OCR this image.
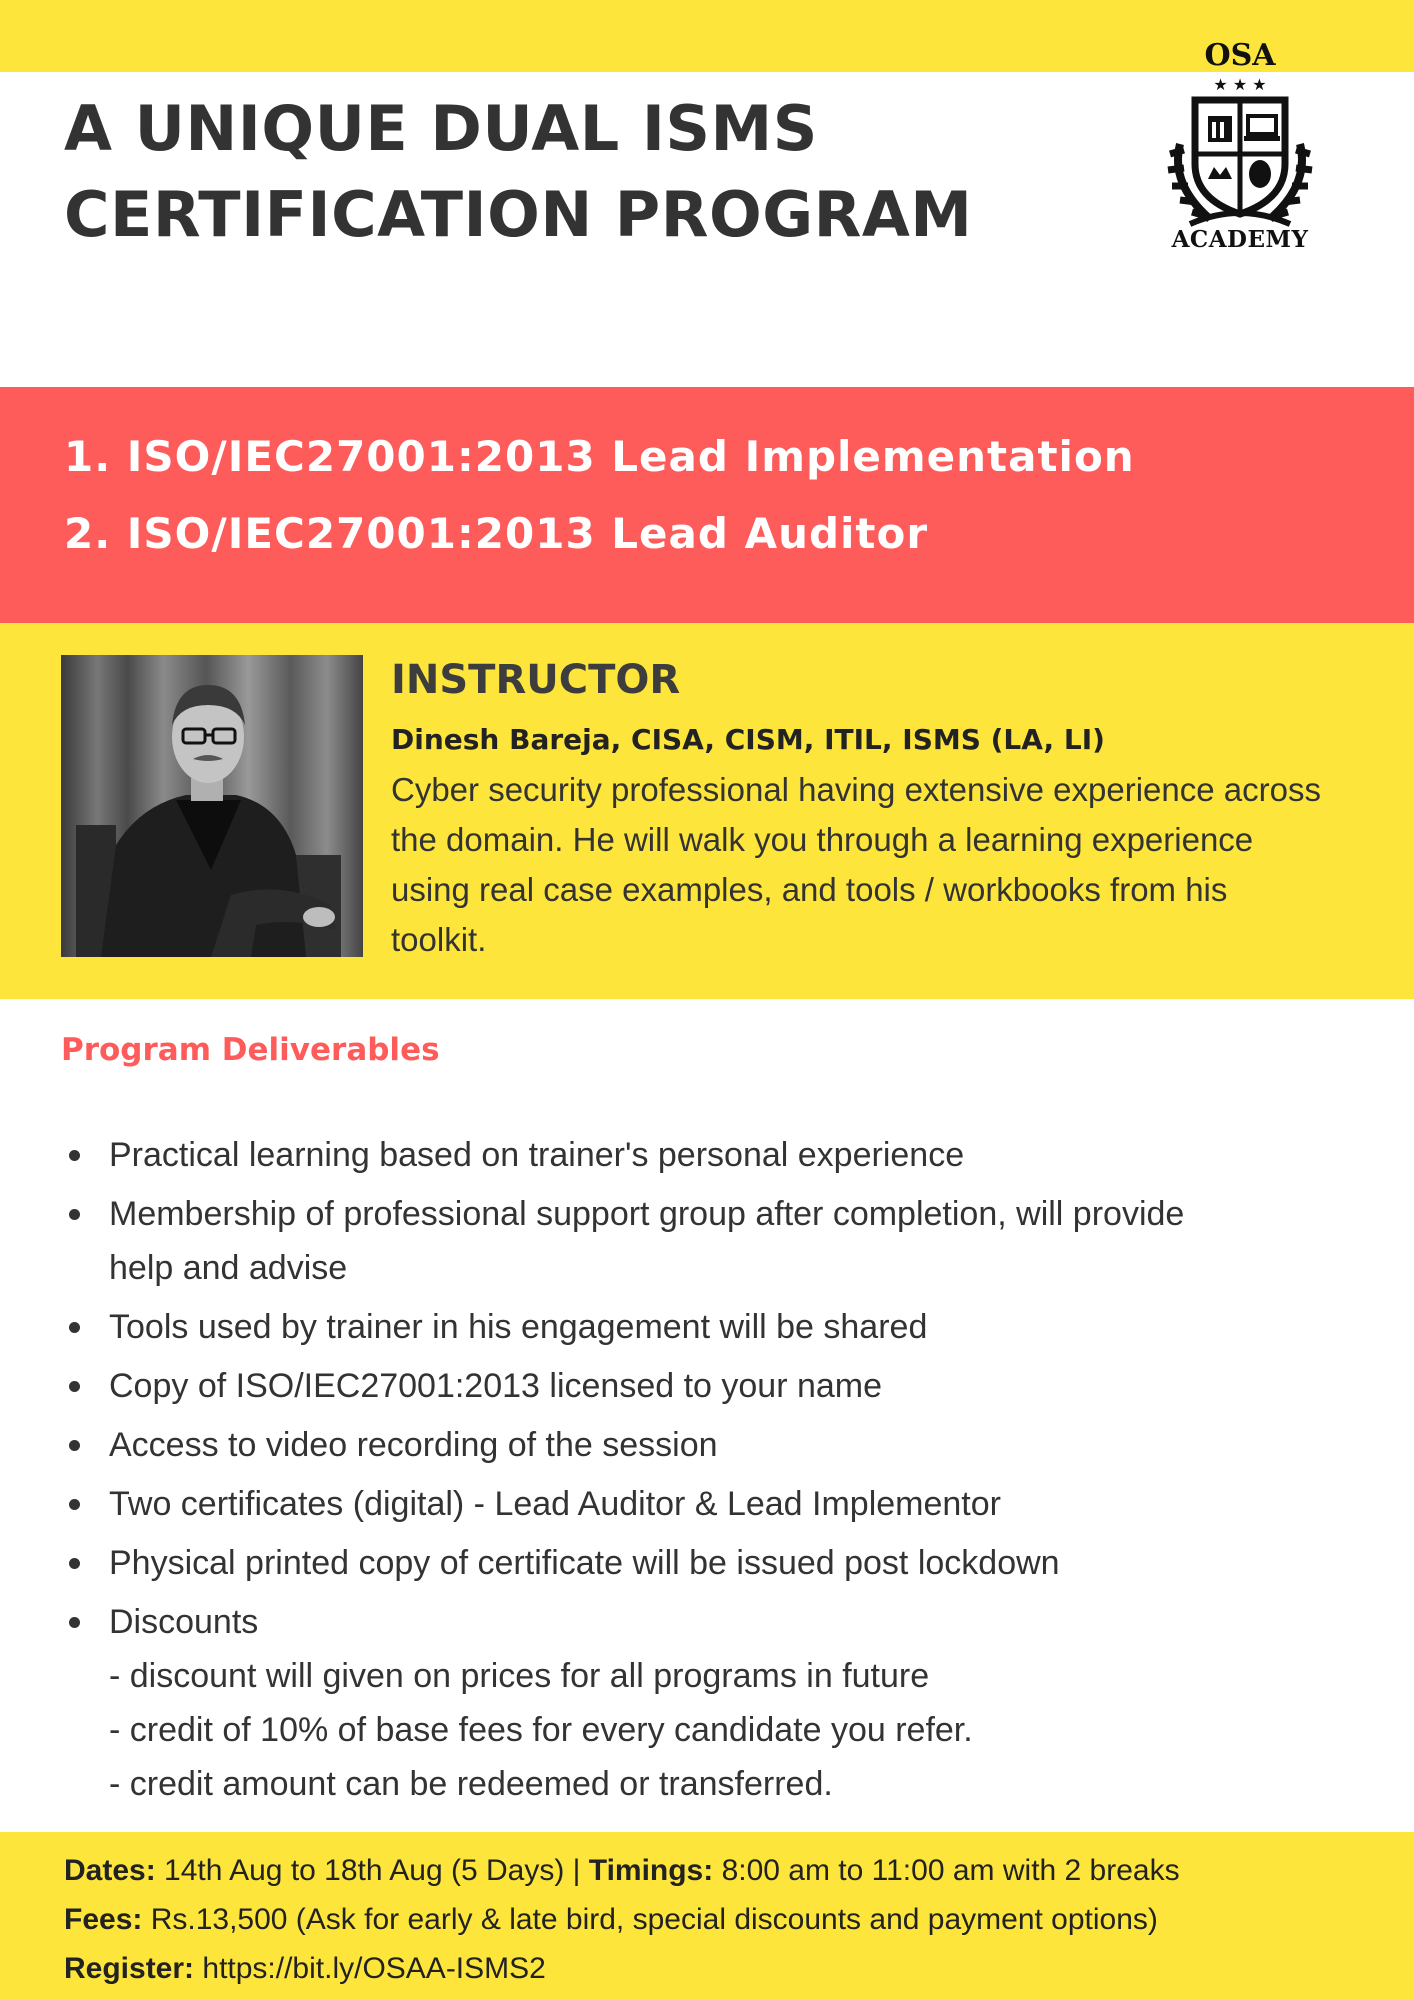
A UNIQUE DUAL ISMS
CERTIFICATION PROGRAM
OSA
★ ★ ★
ACADEMY
1. ISO/IEC27001:2013 Lead Implementation
2. ISO/IEC27001:2013 Lead Auditor
INSTRUCTOR
Dinesh Bareja, CISA, CISM, ITIL, ISMS (LA, LI)
Cyber security professional having extensive experience across the domain. He will walk you through a learning experience using real case examples, and tools / workbooks from his toolkit.
Program Deliverables
Practical learning based on trainer's personal experience
Membership of professional support group after completion, will provide help and advise
Tools used by trainer in his engagement will be shared
Copy of ISO/IEC27001:2013 licensed to your name
Access to video recording of the session
Two certificates (digital) - Lead Auditor & Lead Implementor
Physical printed copy of certificate will be issued post lockdown
Discounts
- discount will given on prices for all programs in future
- credit of 10% of base fees for every candidate you refer.
- credit amount can be redeemed or transferred.
Dates: 14th Aug to 18th Aug (5 Days) | Timings: 8:00 am to 11:00 am with 2 breaks
Fees: Rs.13,500 (Ask for early & late bird, special discounts and payment options)
Register: https://bit.ly/OSAA-ISMS2
